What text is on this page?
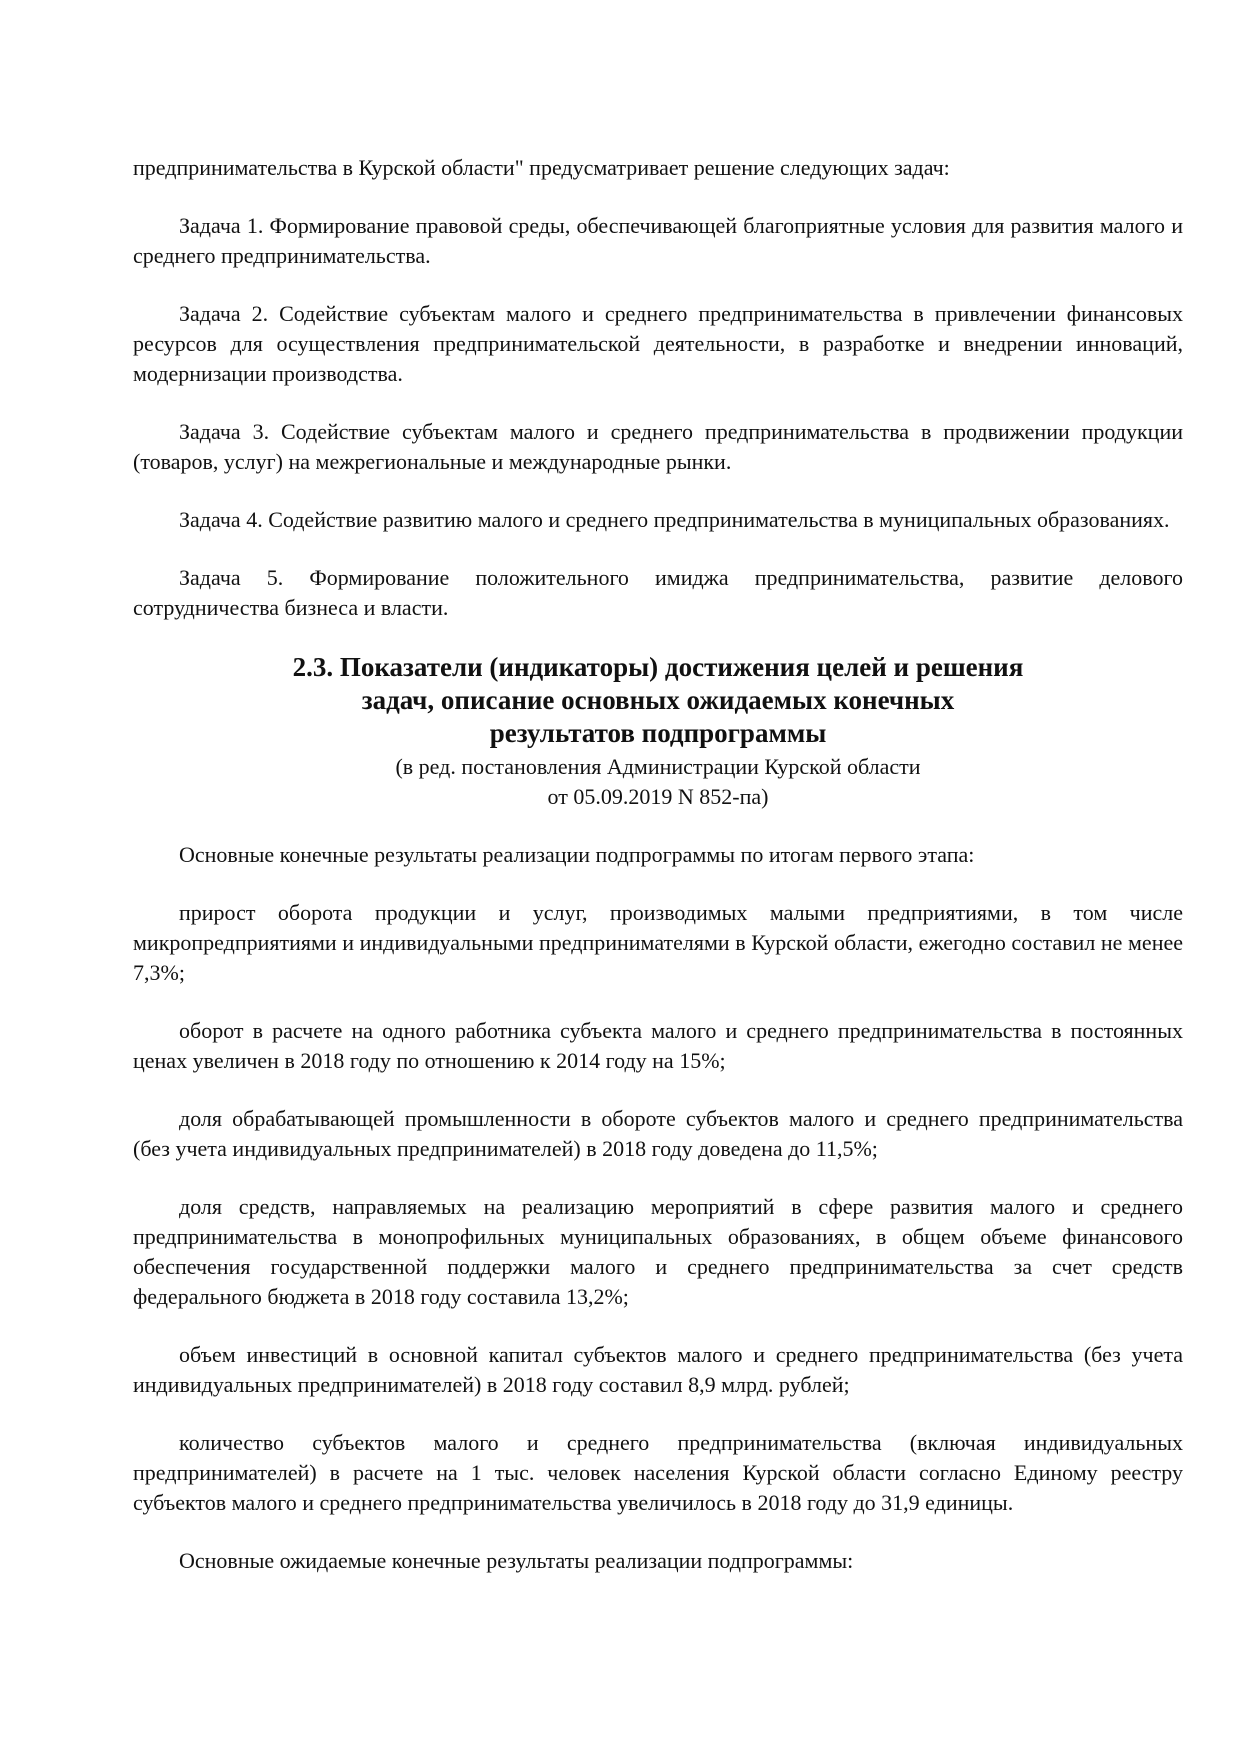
предпринимательства в Курской области" предусматривает решение следующих задач:

Задача 1. Формирование правовой среды, обеспечивающей благоприятные условия для развития малого и среднего предпринимательства.

Задача 2. Содействие субъектам малого и среднего предпринимательства в привлечении финансовых ресурсов для осуществления предпринимательской деятельности, в разработке и внедрении инноваций, модернизации производства.

Задача 3. Содействие субъектам малого и среднего предпринимательства в продвижении продукции (товаров, услуг) на межрегиональные и международные рынки.

Задача 4. Содействие развитию малого и среднего предпринимательства в муниципальных образованиях.

Задача 5. Формирование положительного имиджа предпринимательства, развитие делового сотрудничества бизнеса и власти.

2.3. Показатели (индикаторы) достижения целей и решения
задач, описание основных ожидаемых конечных
результатов подпрограммы
(в ред. постановления Администрации Курской области
от 05.09.2019 N 852-па)

Основные конечные результаты реализации подпрограммы по итогам первого этапа:

прирост оборота продукции и услуг, производимых малыми предприятиями, в том числе микропредприятиями и индивидуальными предпринимателями в Курской области, ежегодно составил не менее 7,3%;

оборот в расчете на одного работника субъекта малого и среднего предпринимательства в постоянных ценах увеличен в 2018 году по отношению к 2014 году на 15%;

доля обрабатывающей промышленности в обороте субъектов малого и среднего предпринимательства (без учета индивидуальных предпринимателей) в 2018 году доведена до 11,5%;

доля средств, направляемых на реализацию мероприятий в сфере развития малого и среднего предпринимательства в монопрофильных муниципальных образованиях, в общем объеме финансового обеспечения государственной поддержки малого и среднего предпринимательства за счет средств федерального бюджета в 2018 году составила 13,2%;

объем инвестиций в основной капитал субъектов малого и среднего предпринимательства (без учета индивидуальных предпринимателей) в 2018 году составил 8,9 млрд. рублей;

количество субъектов малого и среднего предпринимательства (включая индивидуальных предпринимателей) в расчете на 1 тыс. человек населения Курской области согласно Единому реестру субъектов малого и среднего предпринимательства увеличилось в 2018 году до 31,9 единицы.

Основные ожидаемые конечные результаты реализации подпрограммы:
